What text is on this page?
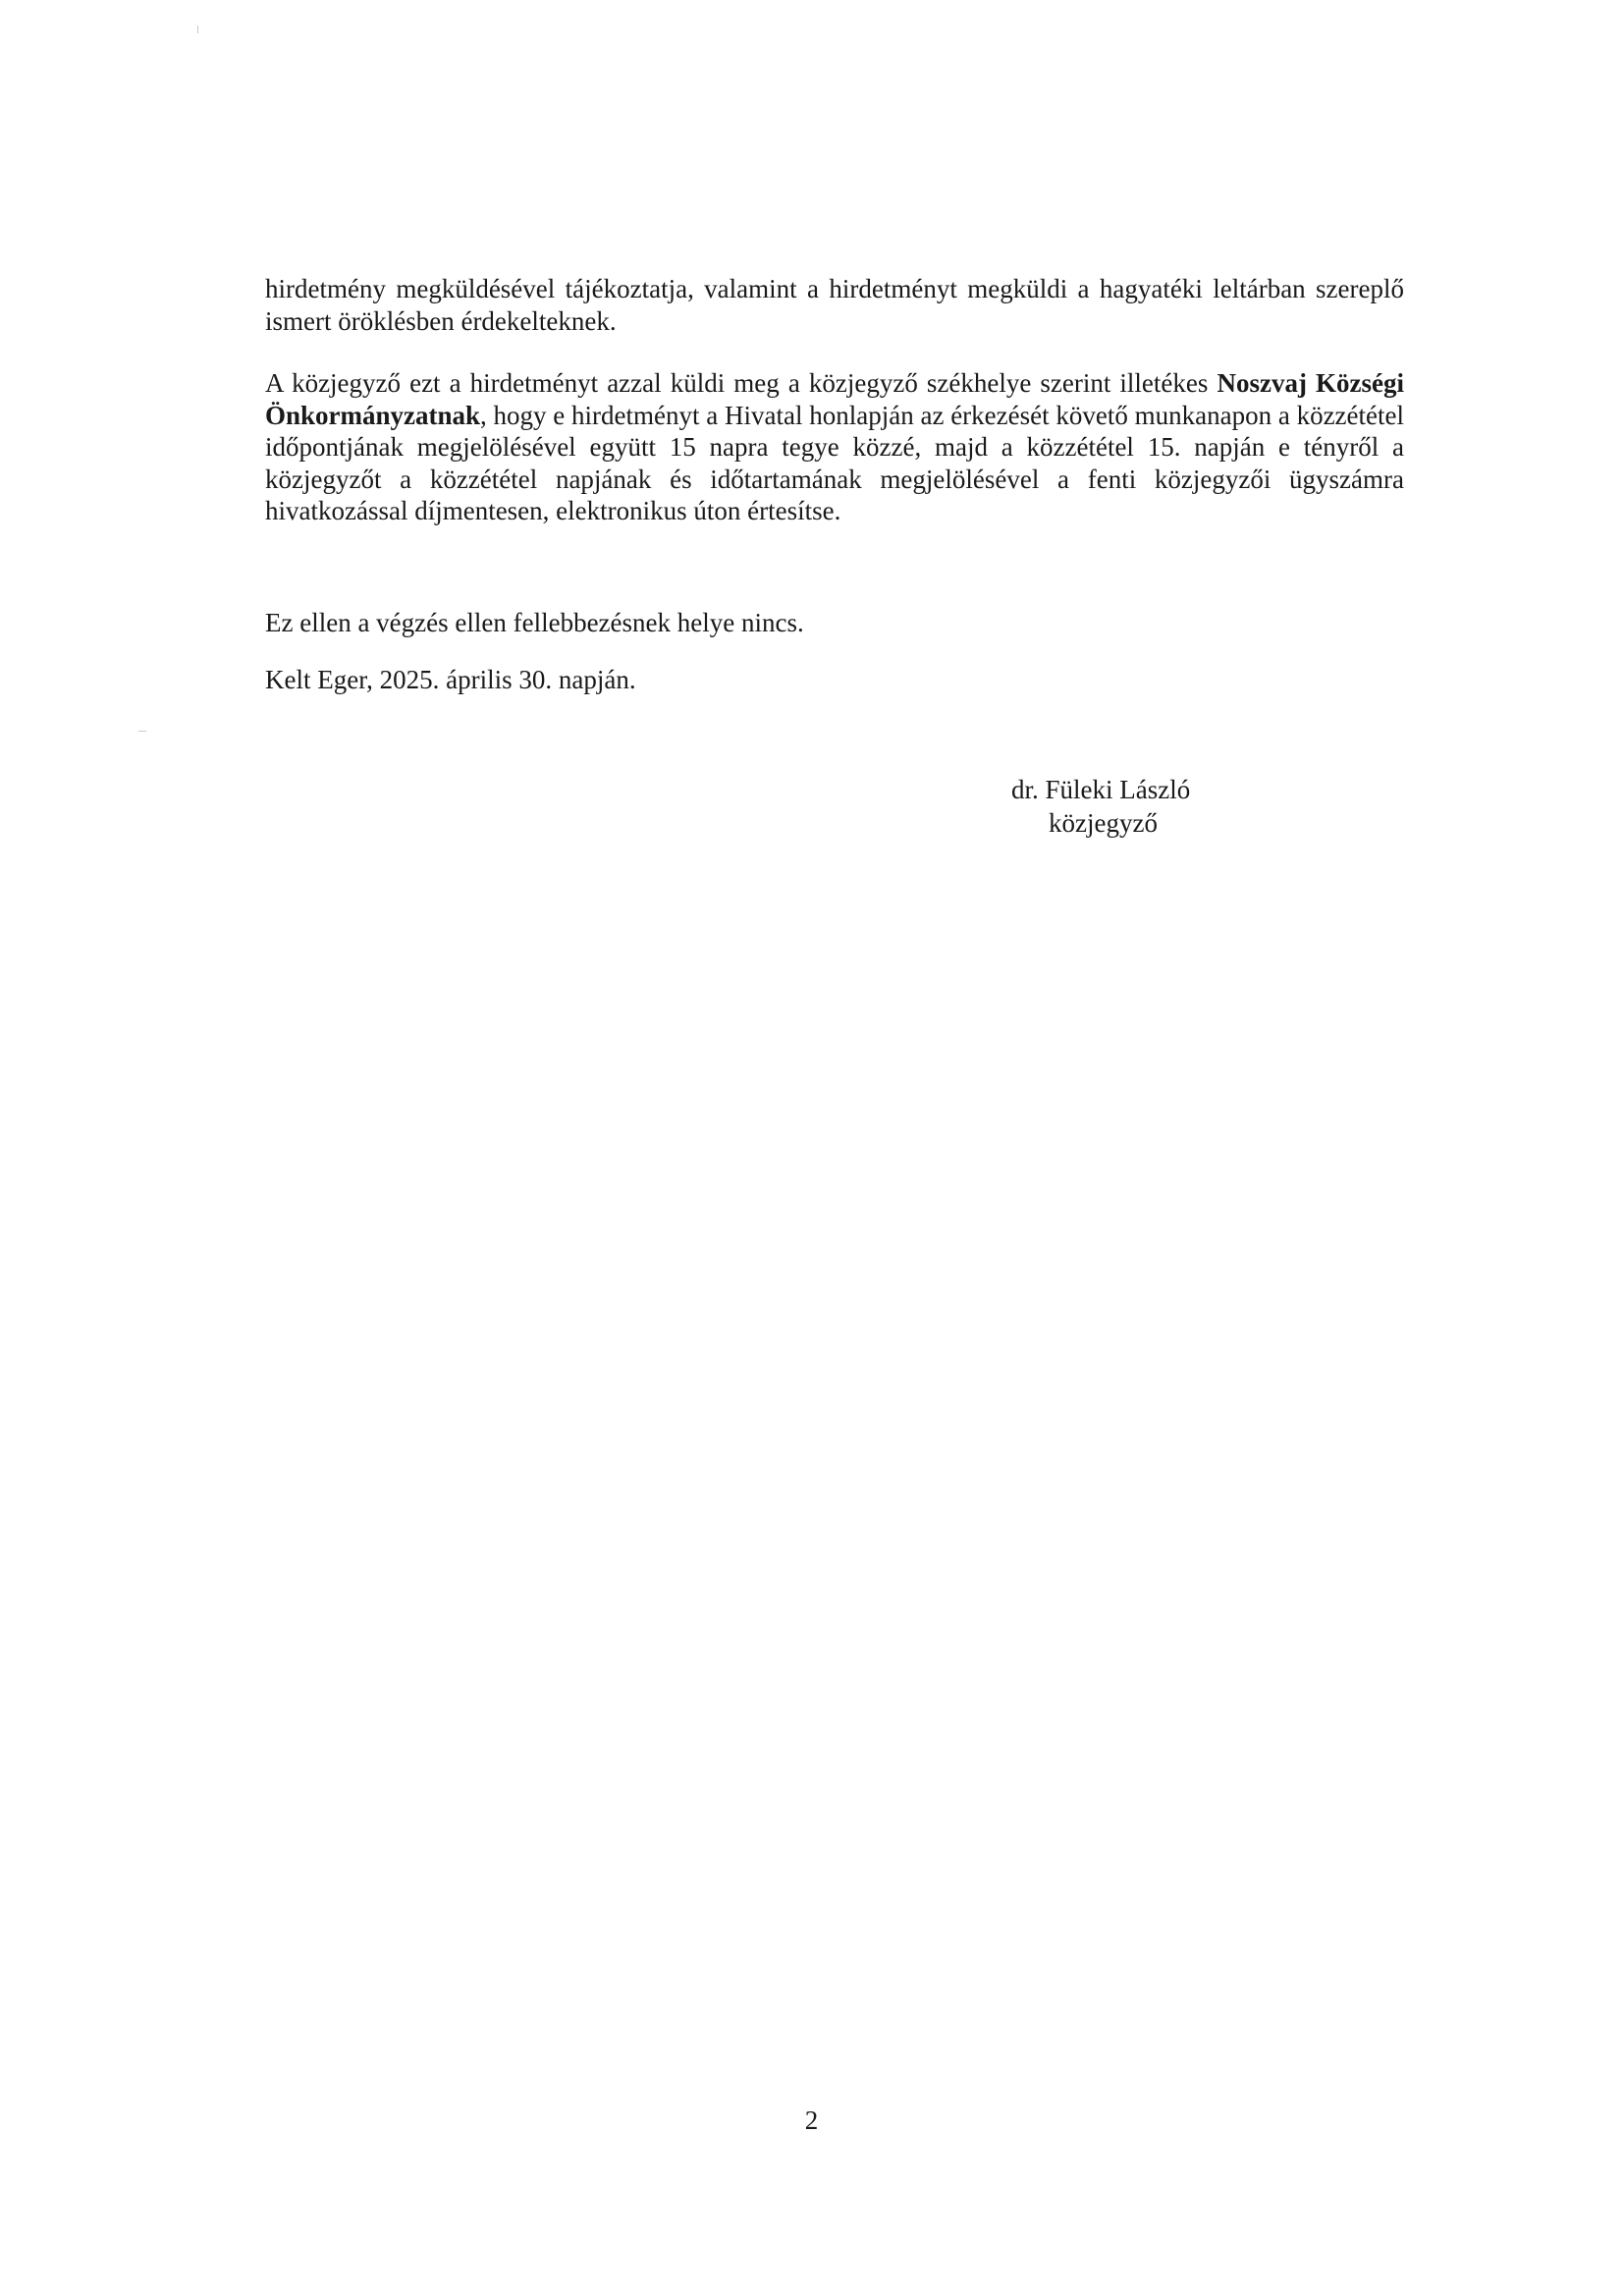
hirdetmény megküldésével tájékoztatja, valamint a hirdetményt megküldi a hagyatéki leltárban szereplő ismert öröklésben érdekelteknek.

A közjegyző ezt a hirdetményt azzal küldi meg a közjegyző székhelye szerint illetékes Noszvaj Községi Önkormányzatnak, hogy e hirdetményt a Hivatal honlapján az érkezését követő munkanapon a közzététel időpontjának megjelölésével együtt 15 napra tegye közzé, majd a közzététel 15. napján e tényről a közjegyzőt a közzététel napjának és időtartamának megjelölésével a fenti közjegyzői ügyszámra hivatkozással díjmentesen, elektronikus úton értesítse.

Ez ellen a végzés ellen fellebbezésnek helye nincs.

Kelt Eger, 2025. április 30. napján.

dr. Füleki László
közjegyző
2
